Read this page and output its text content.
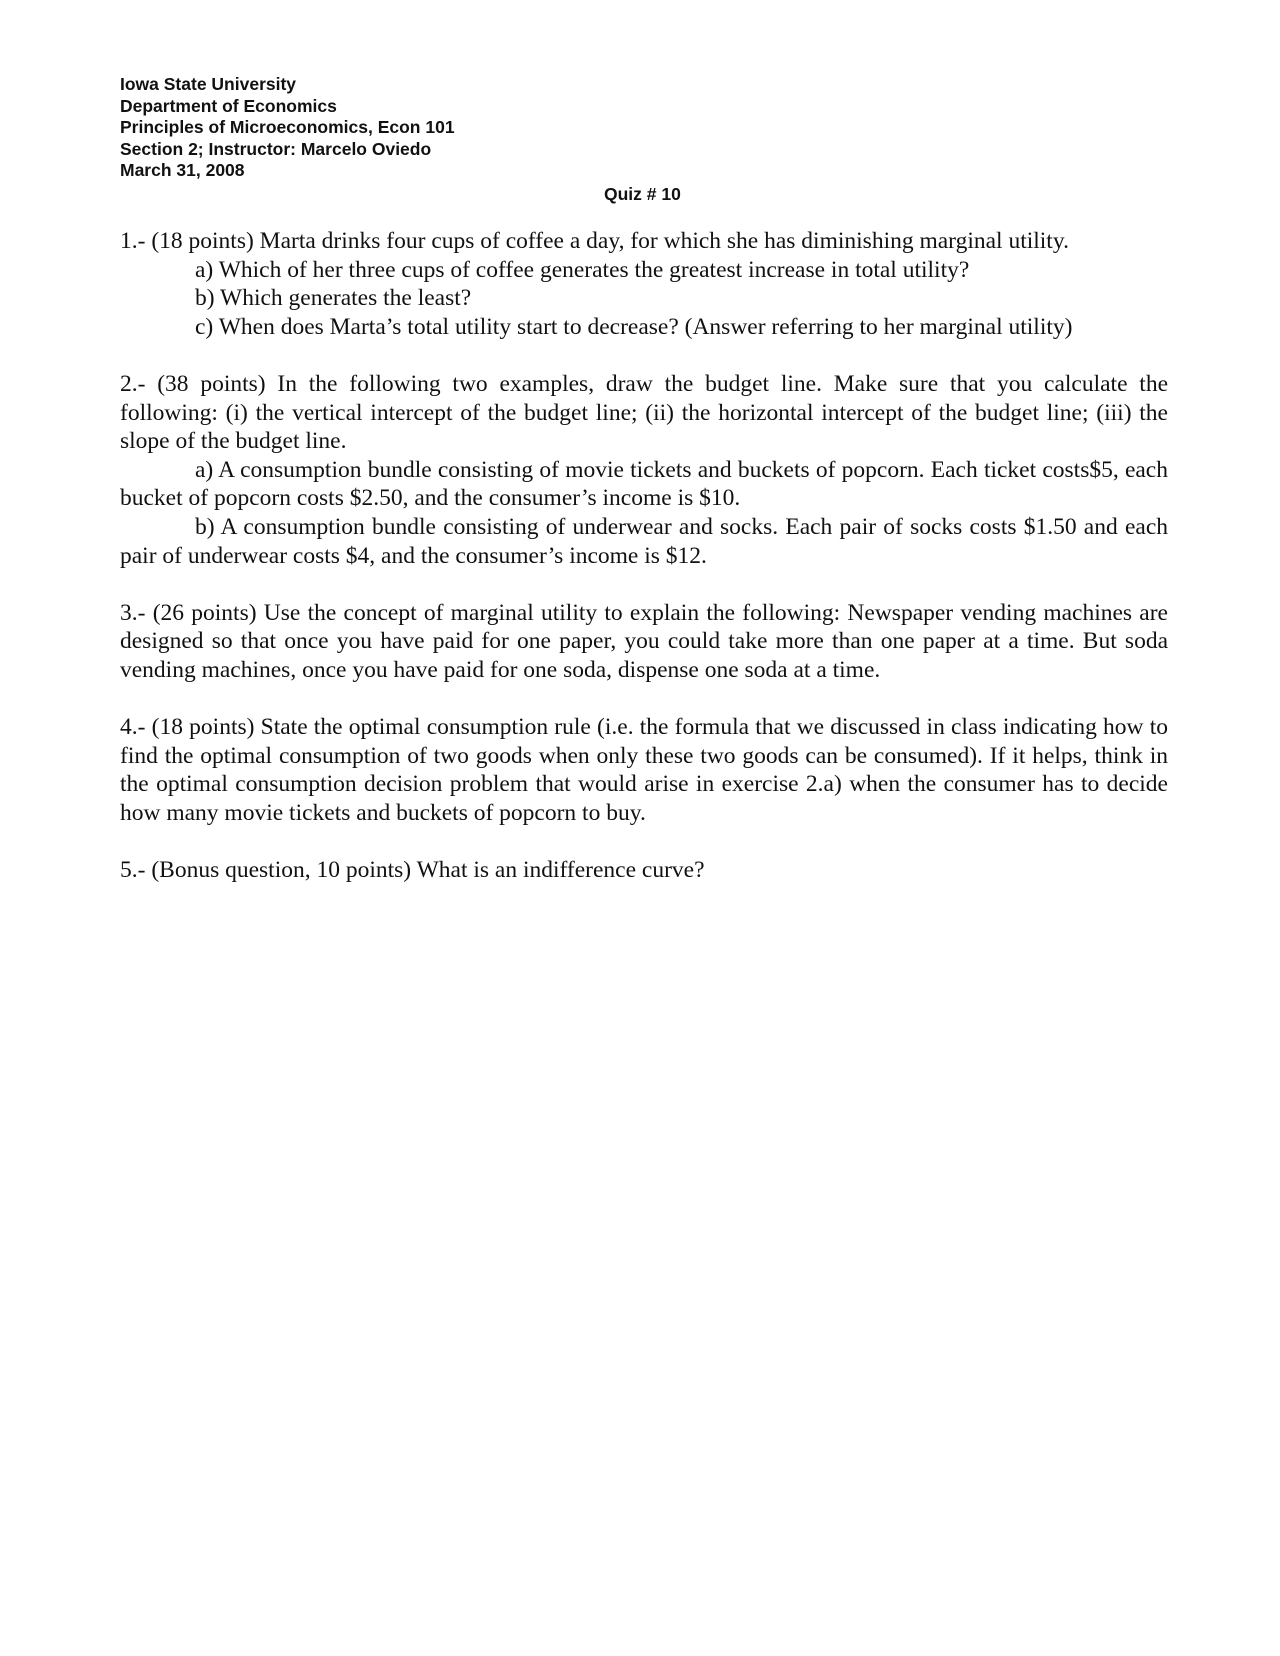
Iowa State University
Department of Economics
Principles of Microeconomics, Econ 101
Section 2; Instructor: Marcelo Oviedo
March 31, 2008
Quiz # 10

1.- (18 points) Marta drinks four cups of coffee a day, for which she has diminishing marginal utility.

a) Which of her three cups of coffee generates the greatest increase in total utility?

b) Which generates the least?

c) When does Marta’s total utility start to decrease? (Answer referring to her marginal utility)

2.- (38 points) In the following two examples, draw the budget line. Make sure that you calculate the following: (i) the vertical intercept of the budget line; (ii) the horizontal intercept of the budget line; (iii) the slope of the budget line.

a) A consumption bundle consisting of movie tickets and buckets of popcorn. Each ticket costs$5, each bucket of popcorn costs $2.50, and the consumer’s income is $10.

b) A consumption bundle consisting of underwear and socks. Each pair of socks costs $1.50 and each pair of underwear costs $4, and the consumer’s income is $12.

3.- (26 points) Use the concept of marginal utility to explain the following: Newspaper vending machines are designed so that once you have paid for one paper, you could take more than one paper at a time. But soda vending machines, once you have paid for one soda, dispense one soda at a time.

4.- (18 points) State the optimal consumption rule (i.e. the formula that we discussed in class indicating how to find the optimal consumption of two goods when only these two goods can be consumed). If it helps, think in the optimal consumption decision problem that would arise in exercise 2.a) when the consumer has to decide how many movie tickets and buckets of popcorn to buy.

5.- (Bonus question, 10 points) What is an indifference curve?
